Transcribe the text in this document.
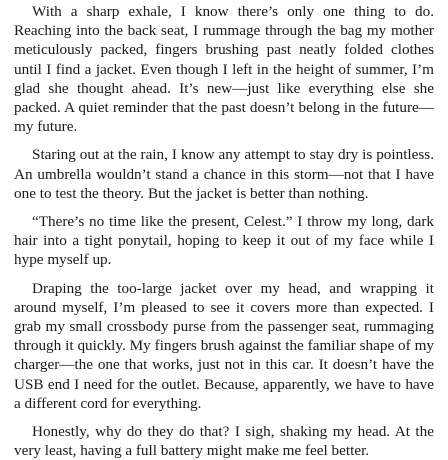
With a sharp exhale, I know there’s only one thing to do. Reaching into the back seat, I rummage through the bag my mother meticulously packed, fingers brushing past neatly folded clothes until I find a jacket. Even though I left in the height of summer, I’m glad she thought ahead. It’s new—just like everything else she packed. A quiet reminder that the past doesn’t belong in the future—my future.

Staring out at the rain, I know any attempt to stay dry is pointless. An umbrella wouldn’t stand a chance in this storm—not that I have one to test the theory. But the jacket is better than nothing.

“There’s no time like the present, Celest.” I throw my long, dark hair into a tight ponytail, hoping to keep it out of my face while I hype myself up.

Draping the too-large jacket over my head, and wrapping it around myself, I’m pleased to see it covers more than expected. I grab my small crossbody purse from the passenger seat, rummaging through it quickly. My fingers brush against the familiar shape of my charger—the one that works, just not in this car. It doesn’t have the USB end I need for the outlet. Because, apparently, we have to have a different cord for everything.

Honestly, why do they do that? I sigh, shaking my head. At the very least, having a full battery might make me feel better.
